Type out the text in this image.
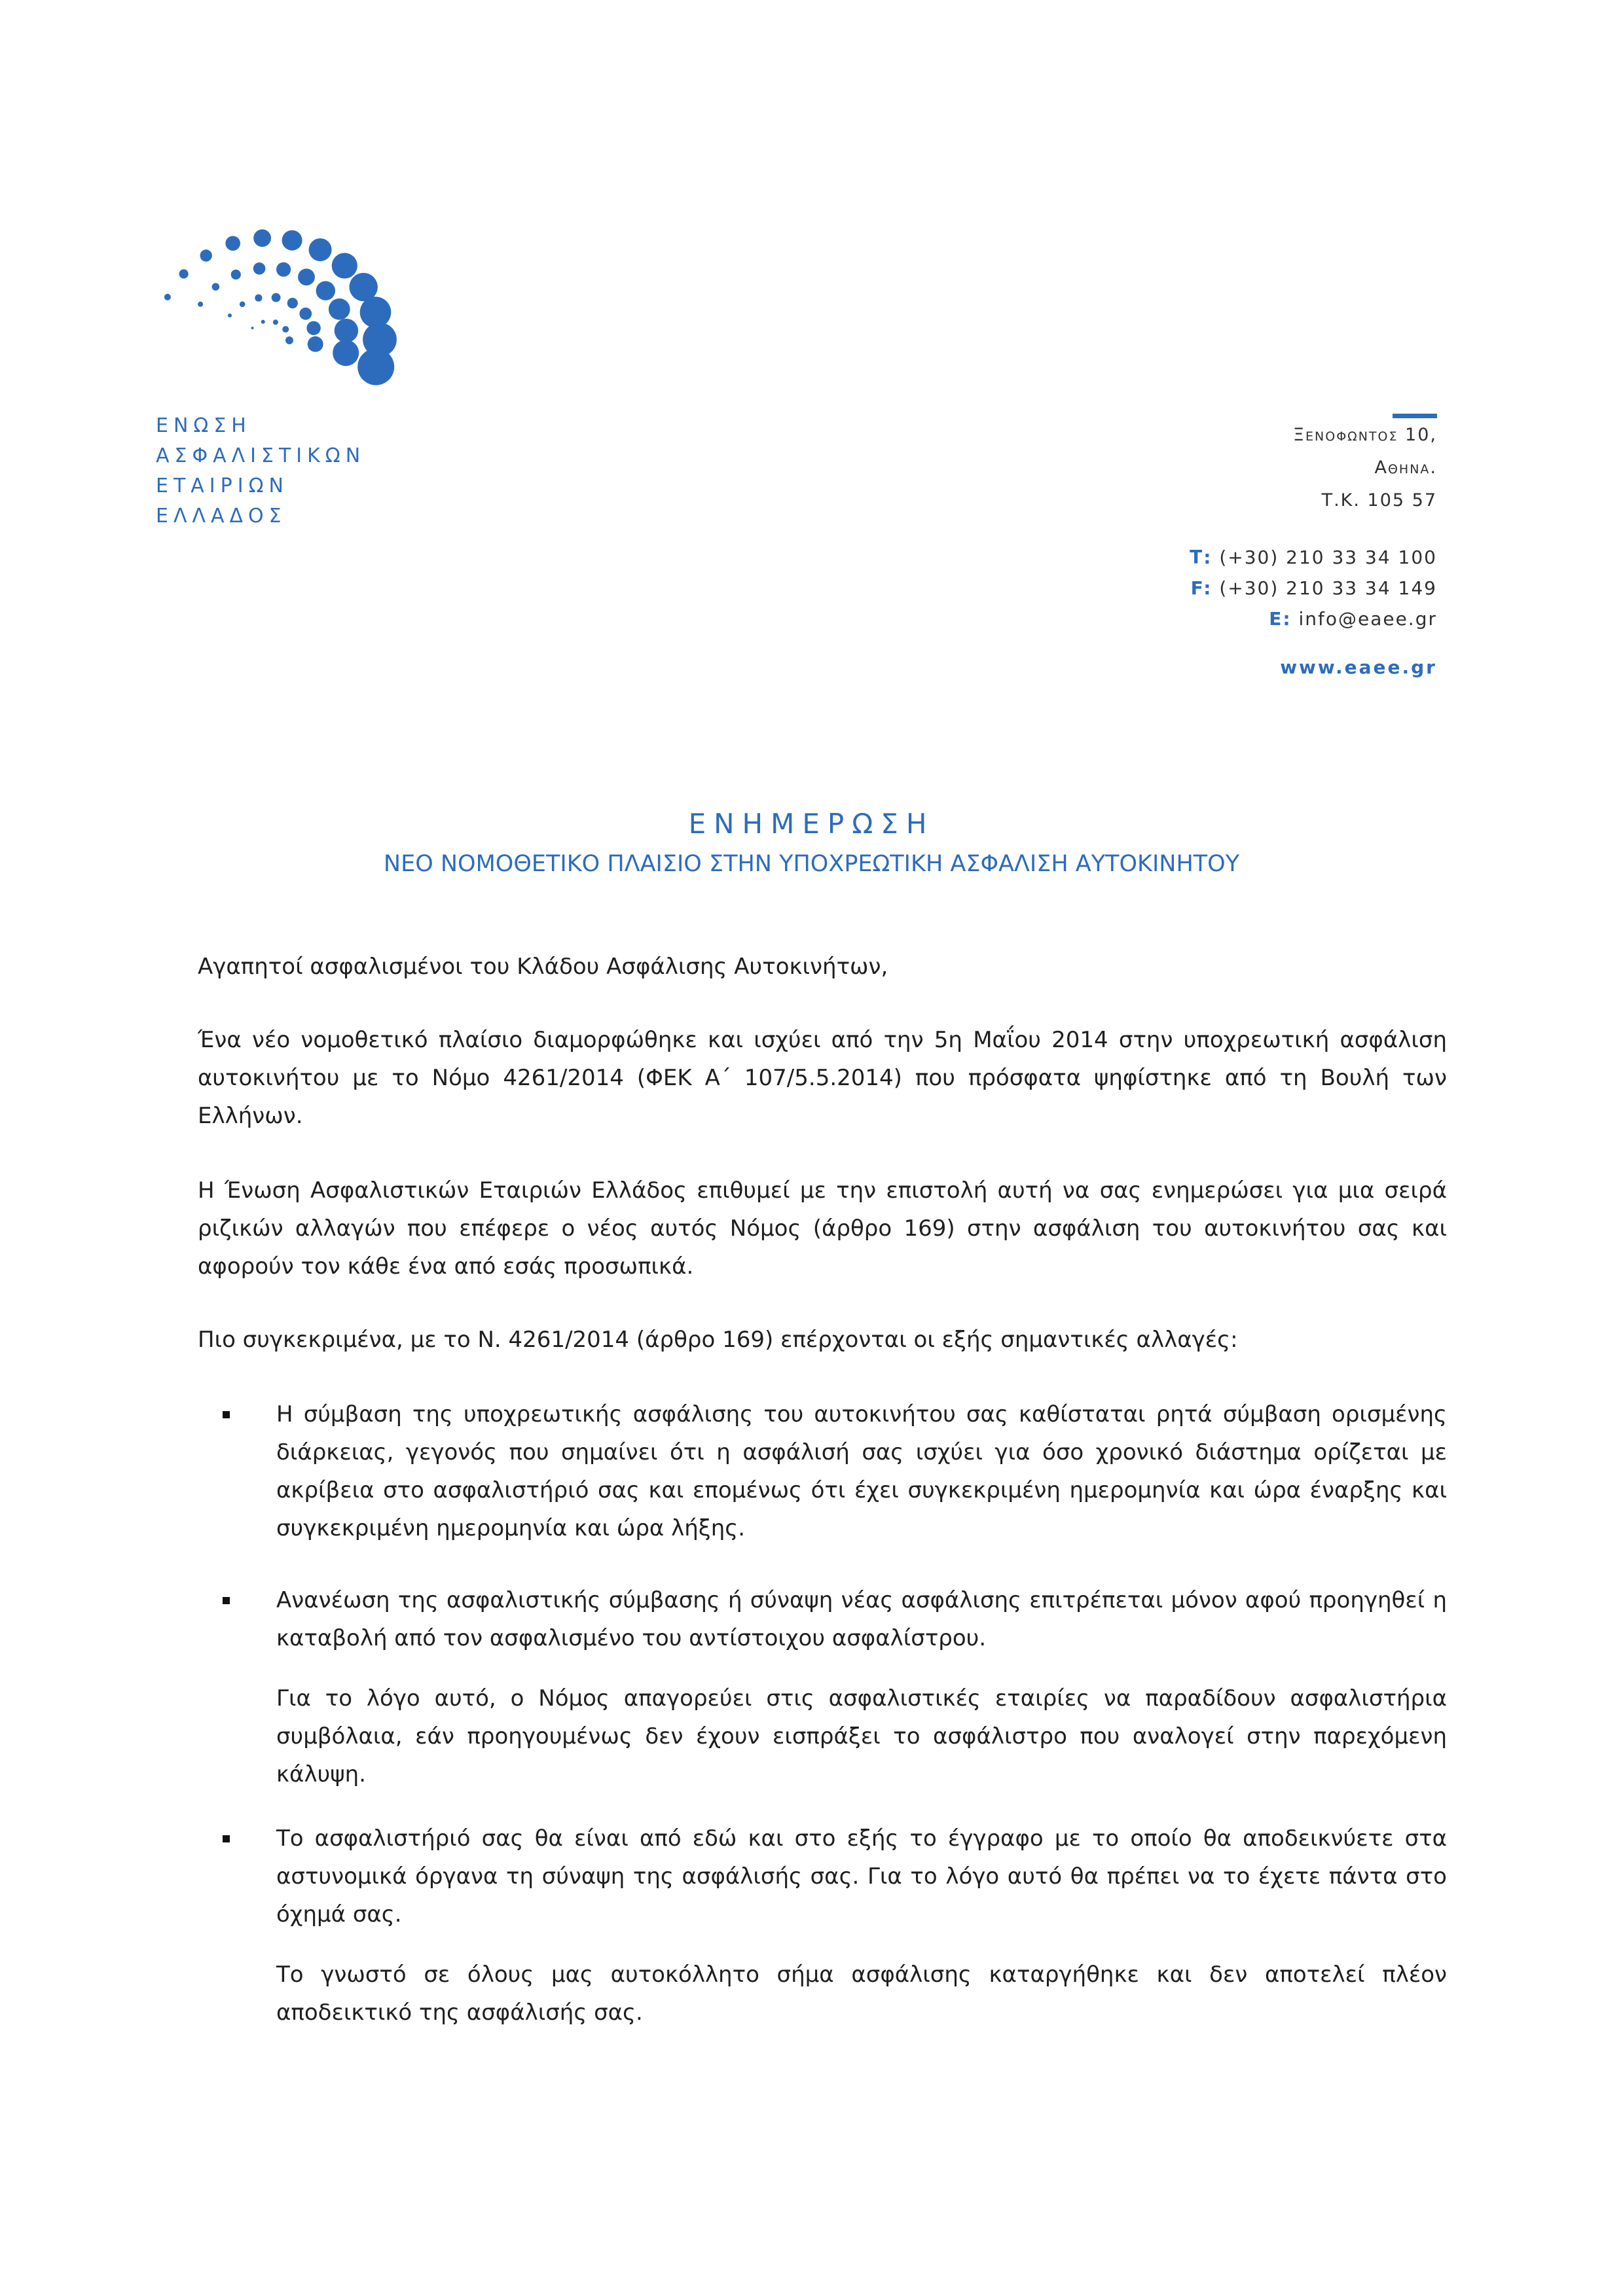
ΕΝΩΣΗ
ΑΣΦΑΛΙΣΤΙΚΩΝ
ΕΤΑΙΡΙΩΝ
ΕΛΛΑΔΟΣ
Ξενοφωντοσ 10,
Αθηνα.
Τ.Κ. 105 57
Τ: (+30) 210 33 34 100
F: (+30) 210 33 34 149
E: info@eaee.gr
www.eaee.gr
ΕΝΗΜΕΡΩΣΗ
ΝΕΟ ΝΟΜΟΘΕΤΙΚΟ ΠΛΑΙΣΙΟ ΣΤΗΝ ΥΠΟΧΡΕΩΤΙΚΗ ΑΣΦΑΛΙΣΗ ΑΥΤΟΚΙΝΗΤΟΥ
Αγαπητοί ασφαλισμένοι του Κλάδου Ασφάλισης Αυτοκινήτων,
Ένα νέο νομοθετικό πλαίσιο διαμορφώθηκε και ισχύει από την 5η Μαΐου 2014 στην υποχρεωτική ασφάλιση αυτοκινήτου με το Νόμο 4261/2014 (ΦΕΚ Α΄ 107/5.5.2014) που πρόσφατα ψηφίστηκε από τη Βουλή των Ελλήνων.
Η Ένωση Ασφαλιστικών Εταιριών Ελλάδος επιθυμεί με την επιστολή αυτή να σας ενημερώσει για μια σειρά ριζικών αλλαγών που επέφερε ο νέος αυτός Νόμος (άρθρο 169) στην ασφάλιση του αυτοκινήτου σας και αφορούν τον κάθε ένα από εσάς προσωπικά.
Πιο συγκεκριμένα, με το Ν. 4261/2014 (άρθρο 169) επέρχονται οι εξής σημαντικές αλλαγές:
Η σύμβαση της υποχρεωτικής ασφάλισης του αυτοκινήτου σας καθίσταται ρητά σύμβαση ορισμένης διάρκειας, γεγονός που σημαίνει ότι η ασφάλισή σας ισχύει για όσο χρονικό διάστημα ορίζεται με ακρίβεια στο ασφαλιστήριό σας και επομένως ότι έχει συγκεκριμένη ημερομηνία και ώρα έναρξης και συγκεκριμένη ημερομηνία και ώρα λήξης.
Ανανέωση της ασφαλιστικής σύμβασης ή σύναψη νέας ασφάλισης επιτρέπεται μόνον αφού προηγηθεί η καταβολή από τον ασφαλισμένο του αντίστοιχου ασφαλίστρου.
Για το λόγο αυτό, ο Νόμος απαγορεύει στις ασφαλιστικές εταιρίες να παραδίδουν ασφαλιστήρια συμβόλαια, εάν προηγουμένως δεν έχουν εισπράξει το ασφάλιστρο που αναλογεί στην παρεχόμενη κάλυψη.
Το ασφαλιστήριό σας θα είναι από εδώ και στο εξής το έγγραφο με το οποίο θα αποδεικνύετε στα αστυνομικά όργανα τη σύναψη της ασφάλισής σας. Για το λόγο αυτό θα πρέπει να το έχετε πάντα στο όχημά σας.
Το γνωστό σε όλους μας αυτοκόλλητο σήμα ασφάλισης καταργήθηκε και δεν αποτελεί πλέον αποδεικτικό της ασφάλισής σας.
